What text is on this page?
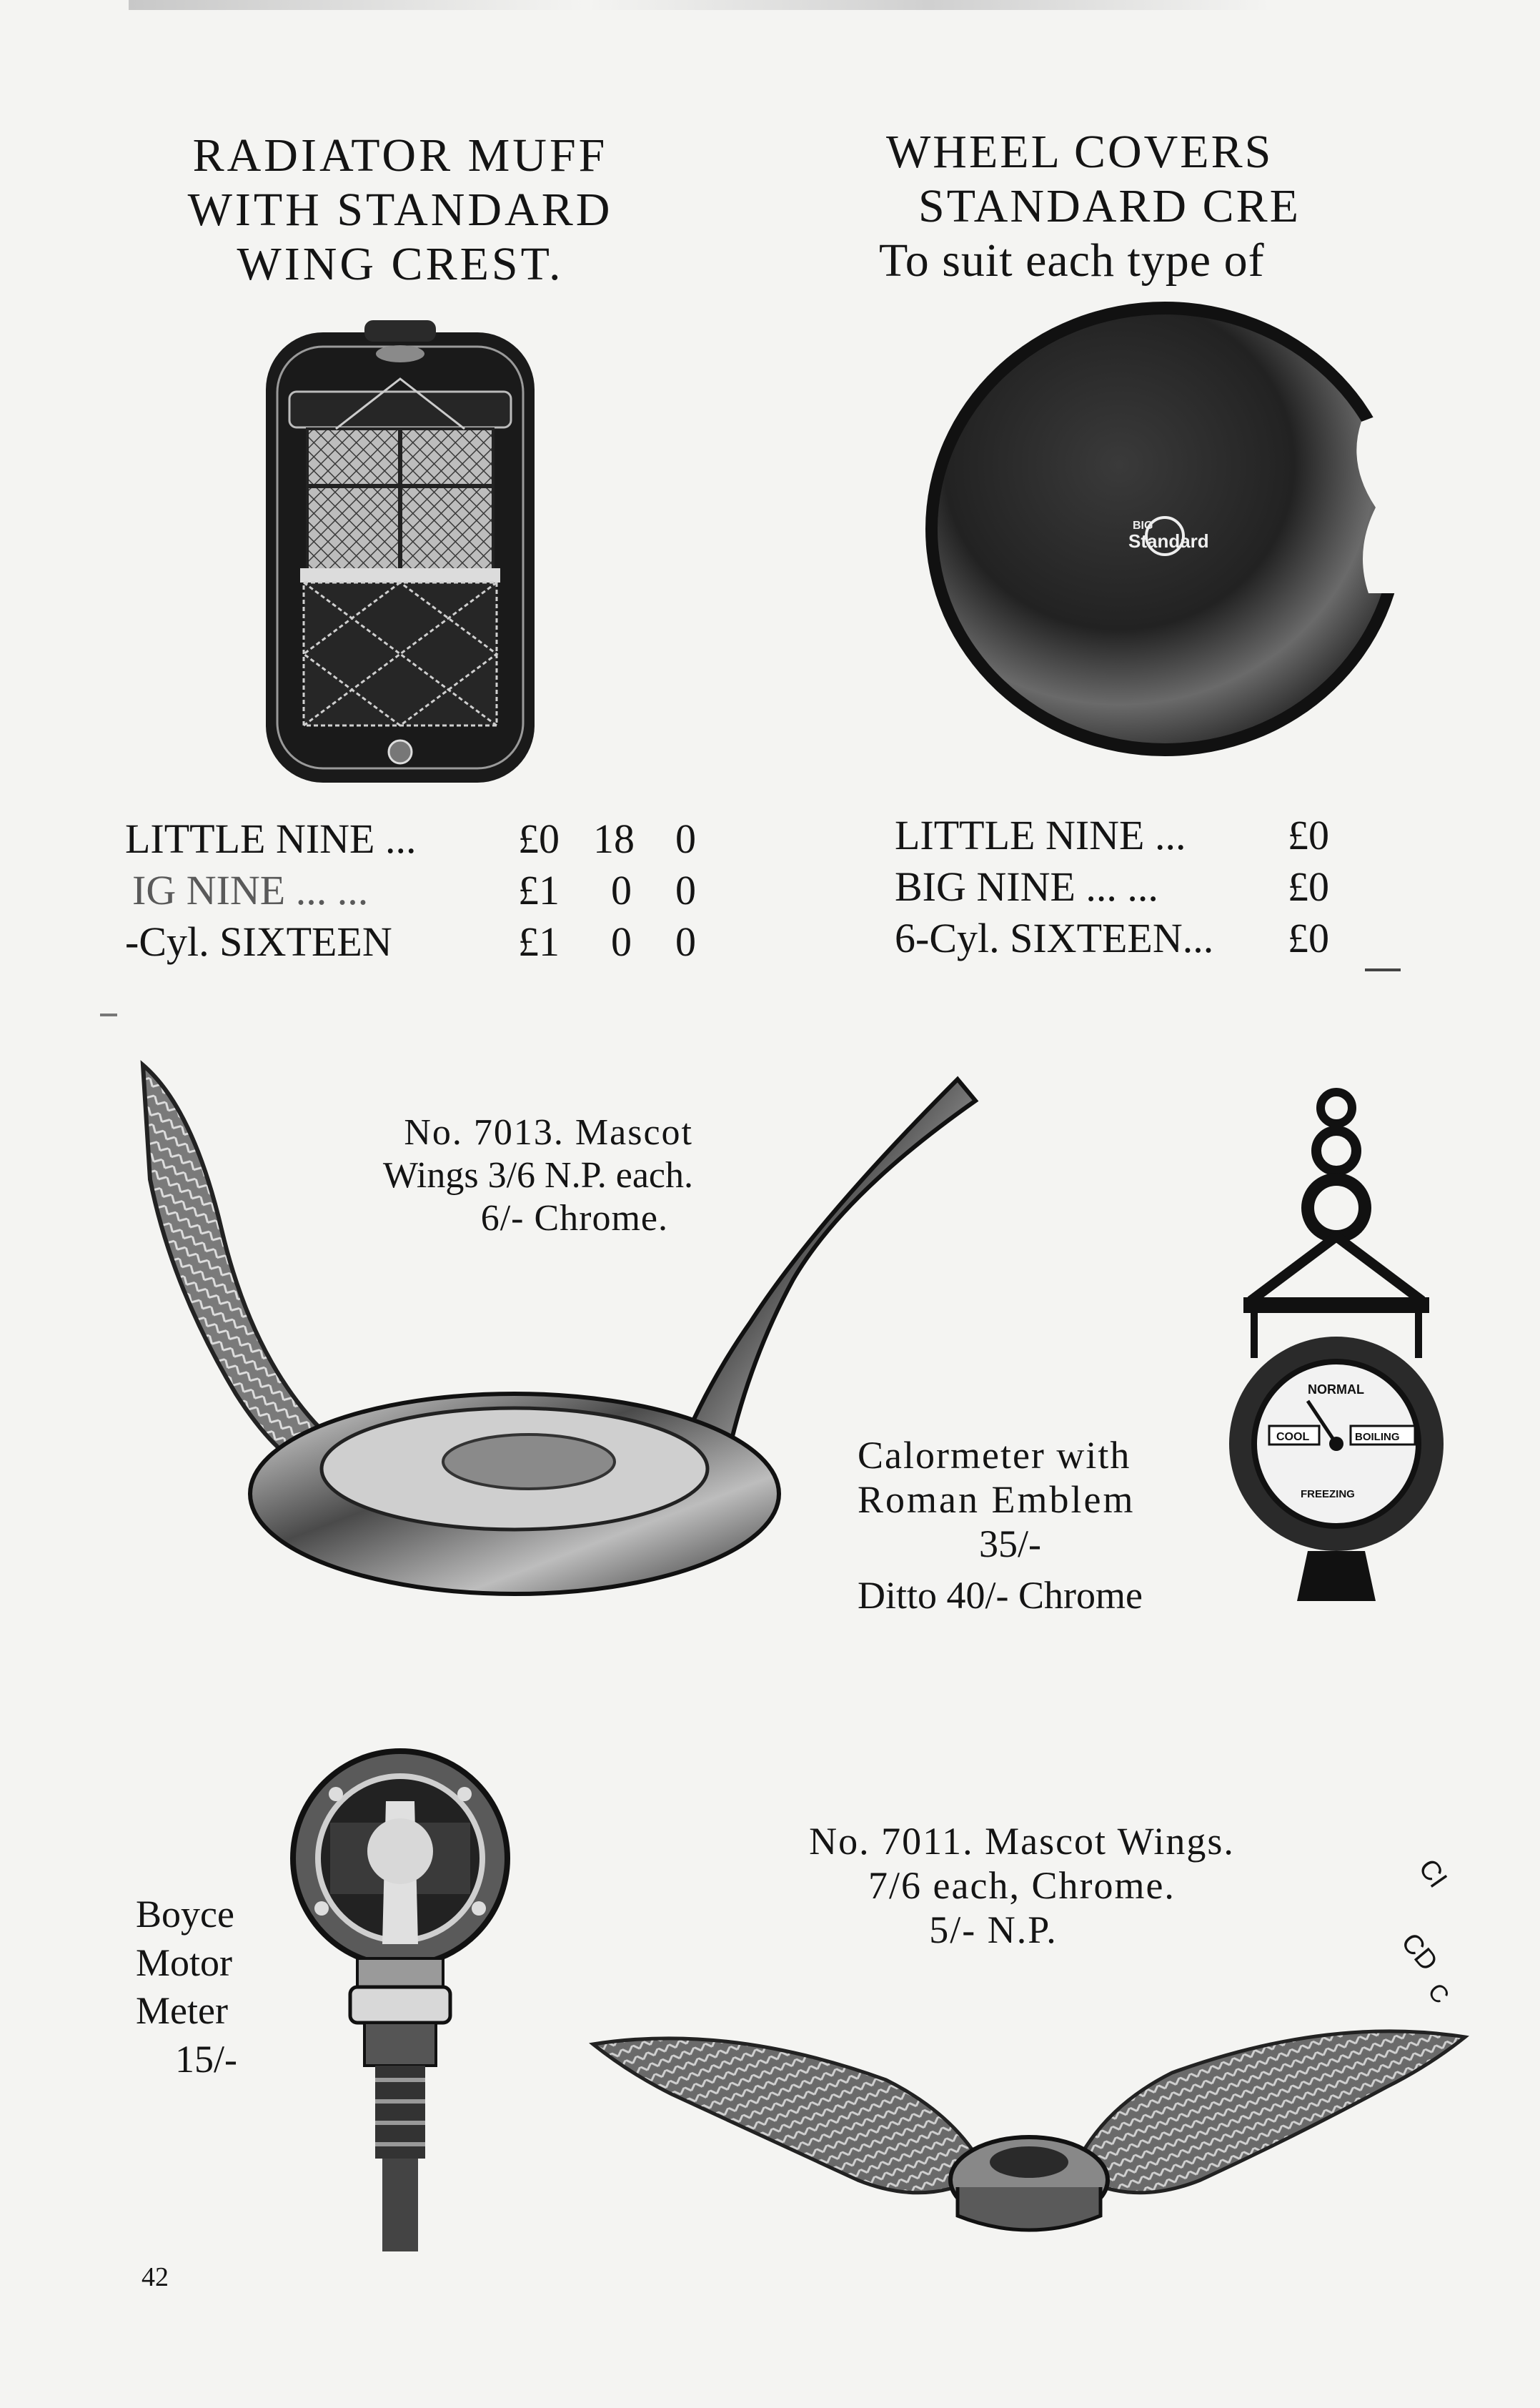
RADIATOR MUFF
WITH STANDARD
WING CREST.
WHEEL COVERS
STANDARD CRE
To suit each type of
BIG
Standard
LITTLE NINE ... £0 18 0
IG NINE ... ...	£1 0 0
-Cyl. SIXTEEN	£1 0 0
LITTLE NINE ... £0
BIG NINE ... ...	£0
6-Cyl. SIXTEEN... £0
No. 7013. Mascot
Wings 3/6 N.P. each.
6/- Chrome.
NORMAL
COOL	BOILING
FREEZING
Calormeter with
Roman Emblem
35/-
Ditto 40/- Chrome
Boyce
Motor
Meter
15/-
No. 7011. Mascot Wings.
7/6 each, Chrome.
5/- N.P.
42
CI
CD
C
